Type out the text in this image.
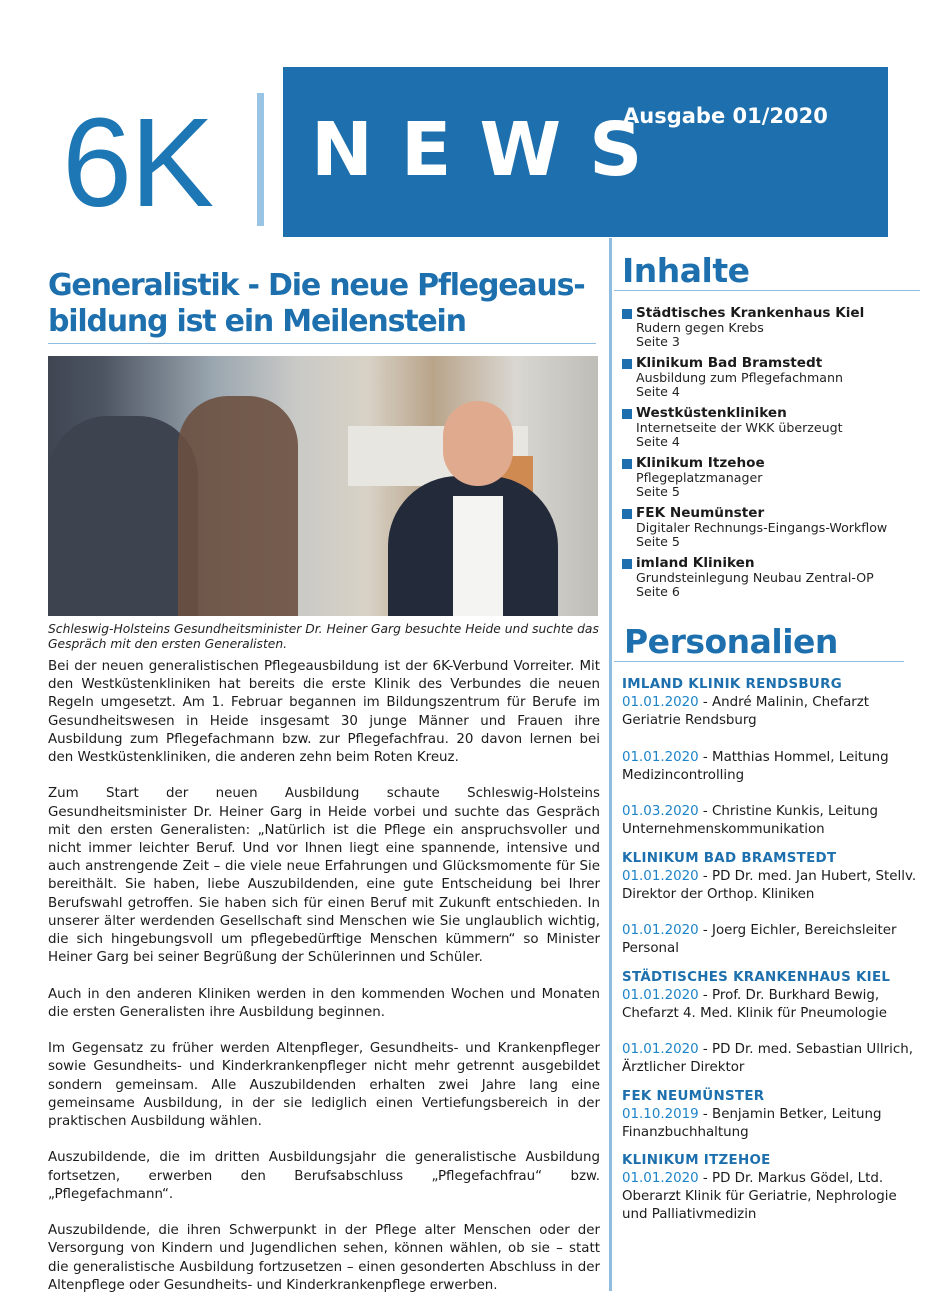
6K NEWS
Ausgabe 01/2020
Generalistik - Die neue Pflegeaus-
bildung ist ein Meilenstein
Schleswig-Holsteins Gesundheitsminister Dr. Heiner Garg besuchte Heide und suchte das Gespräch mit den ersten Generalisten.

Bei der neuen generalistischen Pflegeausbildung ist der 6K-Verbund Vorreiter. Mit den Westküstenkliniken hat bereits die erste Klinik des Verbundes die neuen Regeln umgesetzt. Am 1. Februar begannen im Bildungszentrum für Berufe im Gesundheitswesen in Heide insgesamt 30 junge Männer und Frauen ihre Ausbildung zum Pflegefachmann bzw. zur Pflegefachfrau. 20 davon lernen bei den Westküstenkliniken, die anderen zehn beim Roten Kreuz.

Zum Start der neuen Ausbildung schaute Schleswig-Holsteins Gesundheitsminister Dr. Heiner Garg in Heide vorbei und suchte das Gespräch mit den ersten Generalisten: „Natürlich ist die Pflege ein anspruchsvoller und nicht immer leichter Beruf. Und vor Ihnen liegt eine spannende, intensive und auch anstrengende Zeit – die viele neue Erfahrungen und Glücksmomente für Sie bereithält. Sie haben, liebe Auszubildenden, eine gute Entscheidung bei Ihrer Berufswahl getroffen. Sie haben sich für einen Beruf mit Zukunft entschieden. In unserer älter werdenden Gesellschaft sind Menschen wie Sie unglaublich wichtig, die sich hingebungsvoll um pflegebedürftige Menschen kümmern“ so Minister Heiner Garg bei seiner Begrüßung der Schülerinnen und Schüler.

Auch in den anderen Kliniken werden in den kommenden Wochen und Monaten die ersten Generalisten ihre Ausbildung beginnen.

Im Gegensatz zu früher werden Altenpfleger, Gesundheits- und Krankenpfleger sowie Gesundheits- und Kinderkrankenpfleger nicht mehr getrennt ausgebildet sondern gemeinsam. Alle Auszubildenden erhalten zwei Jahre lang eine gemeinsame Ausbildung, in der sie lediglich einen Vertiefungsbereich in der praktischen Ausbildung wählen.

Auszubildende, die im dritten Ausbildungsjahr die generalistische Ausbildung fortsetzen, erwerben den Berufsabschluss „Pflegefachfrau“ bzw. „Pflegefachmann“.

Auszubildende, die ihren Schwerpunkt in der Pflege alter Menschen oder der Versorgung von Kindern und Jugendlichen sehen, können wählen, ob sie – statt die generalistische Ausbildung fortzusetzen – einen gesonderten Abschluss in der Altenpflege oder Gesundheits- und Kinderkrankenpflege erwerben.

Inhalte
Städtisches Krankenhaus Kiel
Rudern gegen Krebs
Seite 3
Klinikum Bad Bramstedt
Ausbildung zum Pflegefachmann
Seite 4
Westküstenkliniken
Internetseite der WKK überzeugt
Seite 4
Klinikum Itzehoe
Pflegeplatzmanager
Seite 5
FEK Neumünster
Digitaler Rechnungs-Eingangs-Workflow
Seite 5
imland Kliniken
Grundsteinlegung Neubau Zentral-OP
Seite 6
Personalien
IMLAND KLINIK RENDSBURG
01.01.2020 - André Malinin, Chefarzt Geriatrie Rendsburg
01.01.2020 - Matthias Hommel, Leitung Medizincontrolling
01.03.2020 - Christine Kunkis, Leitung Unternehmenskommunikation
KLINIKUM BAD BRAMSTEDT
01.01.2020 - PD Dr. med. Jan Hubert, Stellv. Direktor der Orthop. Kliniken
01.01.2020 - Joerg Eichler, Bereichsleiter Personal
STÄDTISCHES KRANKENHAUS KIEL
01.01.2020 - Prof. Dr. Burkhard Bewig, Chefarzt 4. Med. Klinik für Pneumologie
01.01.2020 - PD Dr. med. Sebastian Ullrich, Ärztlicher Direktor
FEK NEUMÜNSTER
01.10.2019 - Benjamin Betker, Leitung Finanzbuchhaltung
KLINIKUM ITZEHOE
01.01.2020 - PD Dr. Markus Gödel, Ltd. Oberarzt Klinik für Geriatrie, Nephrologie und Palliativmedizin
